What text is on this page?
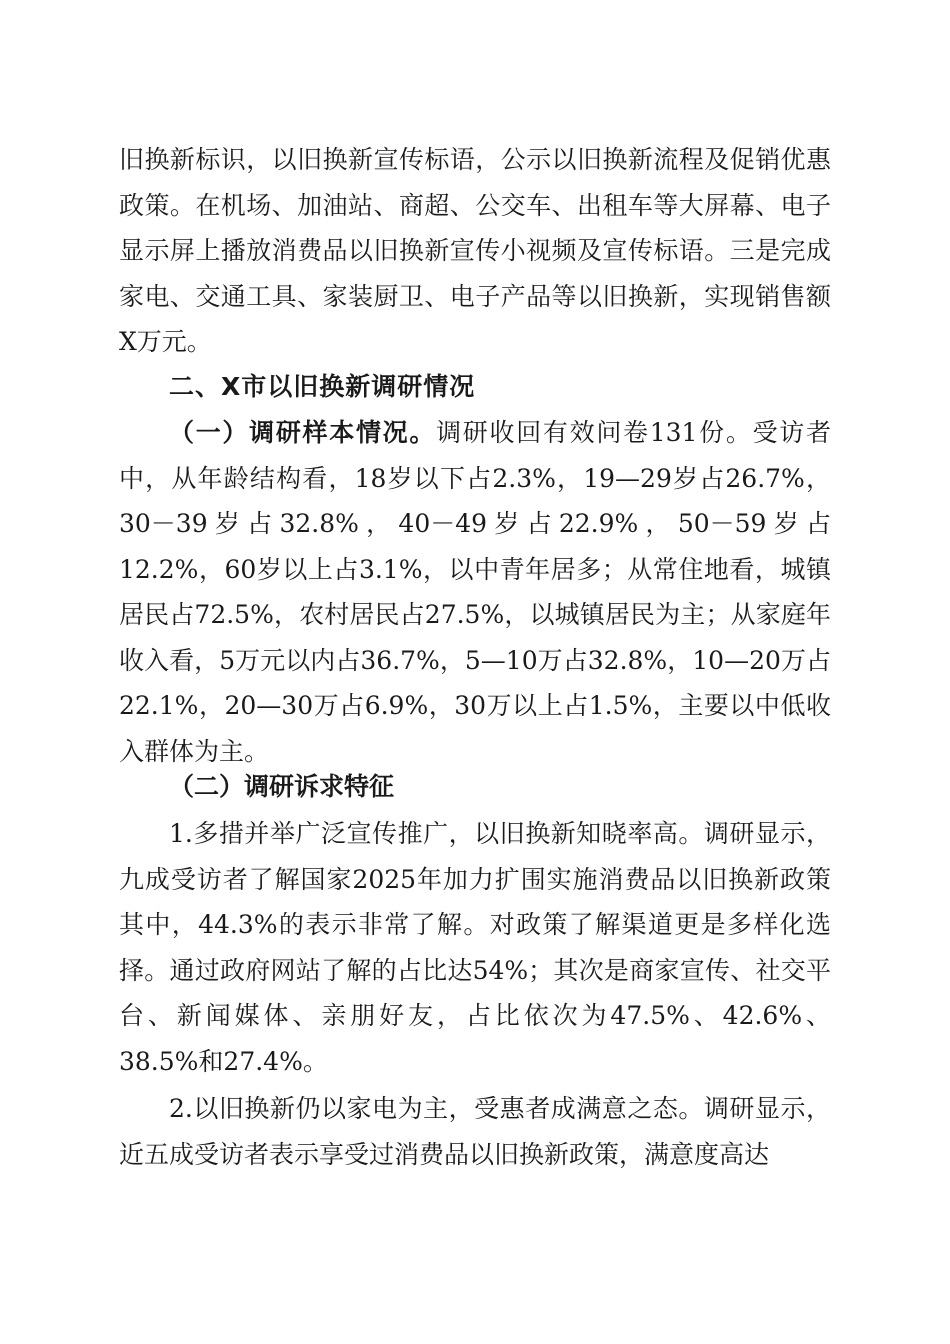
旧换新标识，以旧换新宣传标语，公示以旧换新流程及促销优惠政策。在机场、加油站、商超、公交车、出租车等大屏幕、电子显示屏上播放消费品以旧换新宣传小视频及宣传标语。三是完成家电、交通工具、家装厨卫、电子产品等以旧换新，实现销售额X万元。

二、X市以旧换新调研情况

（一）调研样本情况。调研收回有效问卷131份。受访者中，从年龄结构看，18岁以下占2.3%，19—29岁占26.7%，30－39岁占32.8%，40－49岁占22.9%，50－59岁占12.2%，60岁以上占3.1%，以中青年居多；从常住地看，城镇居民占72.5%，农村居民占27.5%，以城镇居民为主；从家庭年收入看，5万元以内占36.7%，5—10万占32.8%，10—20万占22.1%，20—30万占6.9%，30万以上占1.5%，主要以中低收入群体为主。

（二）调研诉求特征

1.多措并举广泛宣传推广，以旧换新知晓率高。调研显示，九成受访者了解国家2025年加力扩围实施消费品以旧换新政策其中，44.3%的表示非常了解。对政策了解渠道更是多样化选择。通过政府网站了解的占比达54%；其次是商家宣传、社交平台、新闻媒体、亲朋好友，占比依次为47.5%、42.6%、38.5%和27.4%。

2.以旧换新仍以家电为主，受惠者成满意之态。调研显示，近五成受访者表示享受过消费品以旧换新政策，满意度高达
